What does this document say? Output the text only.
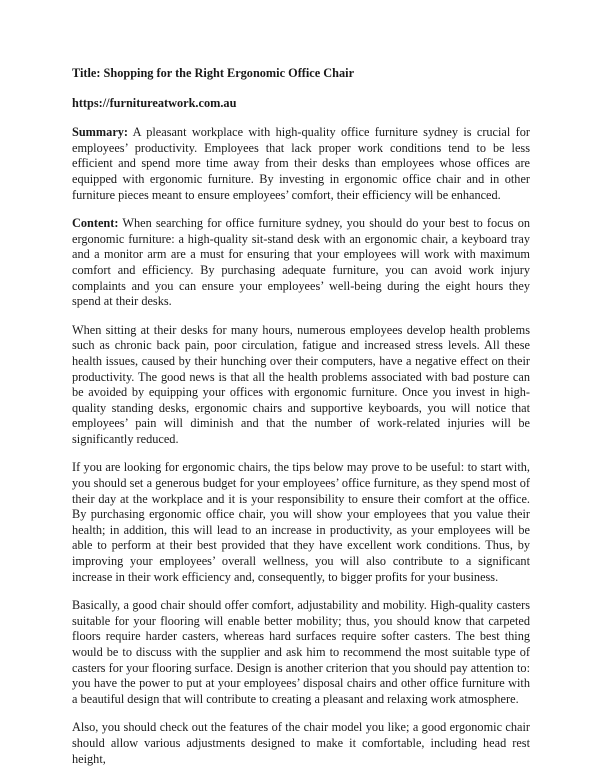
Title: Shopping for the Right Ergonomic Office Chair
https://furnitureatwork.com.au

Summary: A pleasant workplace with high-quality office furniture sydney is crucial for employees’ productivity. Employees that lack proper work conditions tend to be less efficient and spend more time away from their desks than employees whose offices are equipped with ergonomic furniture. By investing in ergonomic office chair and in other furniture pieces meant to ensure employees’ comfort, their efficiency will be enhanced.

Content: When searching for office furniture sydney, you should do your best to focus on ergonomic furniture: a high-quality sit-stand desk with an ergonomic chair, a keyboard tray and a monitor arm are a must for ensuring that your employees will work with maximum comfort and efficiency. By purchasing adequate furniture, you can avoid work injury complaints and you can ensure your employees’ well-being during the eight hours they spend at their desks.

When sitting at their desks for many hours, numerous employees develop health problems such as chronic back pain, poor circulation, fatigue and increased stress levels. All these health issues, caused by their hunching over their computers, have a negative effect on their productivity. The good news is that all the health problems associated with bad posture can be avoided by equipping your offices with ergonomic furniture. Once you invest in high-quality standing desks, ergonomic chairs and supportive keyboards, you will notice that employees’ pain will diminish and that the number of work-related injuries will be significantly reduced.

If you are looking for ergonomic chairs, the tips below may prove to be useful: to start with, you should set a generous budget for your employees’ office furniture, as they spend most of their day at the workplace and it is your responsibility to ensure their comfort at the office. By purchasing ergonomic office chair, you will show your employees that you value their health; in addition, this will lead to an increase in productivity, as your employees will be able to perform at their best provided that they have excellent work conditions. Thus, by improving your employees’ overall wellness, you will also contribute to a significant increase in their work efficiency and, consequently, to bigger profits for your business.

Basically, a good chair should offer comfort, adjustability and mobility. High-quality casters suitable for your flooring will enable better mobility; thus, you should know that carpeted floors require harder casters, whereas hard surfaces require softer casters. The best thing would be to discuss with the supplier and ask him to recommend the most suitable type of casters for your flooring surface. Design is another criterion that you should pay attention to: you have the power to put at your employees’ disposal chairs and other office furniture with a beautiful design that will contribute to creating a pleasant and relaxing work atmosphere.

Also, you should check out the features of the chair model you like; a good ergonomic chair should allow various adjustments designed to make it comfortable, including head rest height,
